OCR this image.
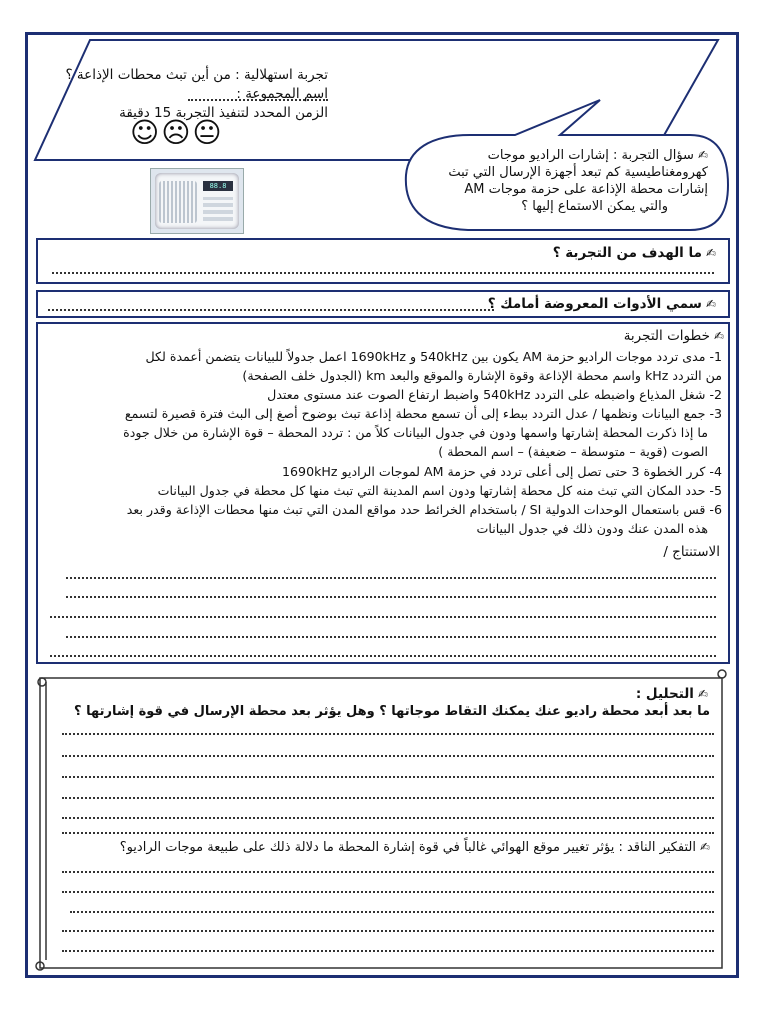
تجربة استهلالية : من أين تبث محطات الإذاعة ؟
اسم المجموعة :
الزمن المحدد لتنفيذ التجربة 15 دقيقة
☺☹😐
✍سؤال التجربة : إشارات الراديو موجات
كهرومغناطيسية كم تبعد أجهزة الإرسال التي تبث
إشارات محطة الإذاعة على حزمة موجات AM
والتي يمكن الاستماع إليها ؟
88.8
✍ما الهدف من التجربة ؟
✍سمي الأدوات المعروضة أمامك ؟
✍خطوات التجربة
1- مدى تردد موجات الراديو حزمة AM يكون بين 540kHz و 1690kHz اعمل جدولاً للبيانات يتضمن أعمدة لكل
من التردد kHz واسم محطة الإذاعة وقوة الإشارة والموقع والبعد km (الجدول خلف الصفحة)
2- شغل المذياع واضبطه على التردد 540kHz واضبط ارتفاع الصوت عند مستوى معتدل
3- جمع البيانات ونظمها / عدل التردد ببطء إلى أن تسمع محطة إذاعة تبث بوضوح أصغ إلى البث فترة قصيرة لتسمع
ما إذا ذكرت المحطة إشارتها واسمها ودون في جدول البيانات كلاً من : تردد المحطة – قوة الإشارة من خلال جودة
الصوت (قوية – متوسطة – ضعيفة) – اسم المحطة )
4- كرر الخطوة 3 حتى تصل إلى أعلى تردد في حزمة AM لموجات الراديو 1690kHz
5- حدد المكان التي تبث منه كل محطة إشارتها ودون اسم المدينة التي تبث منها كل محطة في جدول البيانات
6- قس باستعمال الوحدات الدولية SI / باستخدام الخرائط حدد مواقع المدن التي تبث منها محطات الإذاعة وقدر بعد
هذه المدن عنك ودون ذلك في جدول البيانات
الاستنتاج /
✍التحليل :
ما بعد أبعد محطة راديو عنك يمكنك التقاط موجاتها ؟ وهل يؤثر بعد محطة الإرسال في قوة إشارتها ؟
✍التفكير الناقد : يؤثر تغيير موقع الهوائي غالباً في قوة إشارة المحطة ما دلالة ذلك على طبيعة موجات الراديو؟
